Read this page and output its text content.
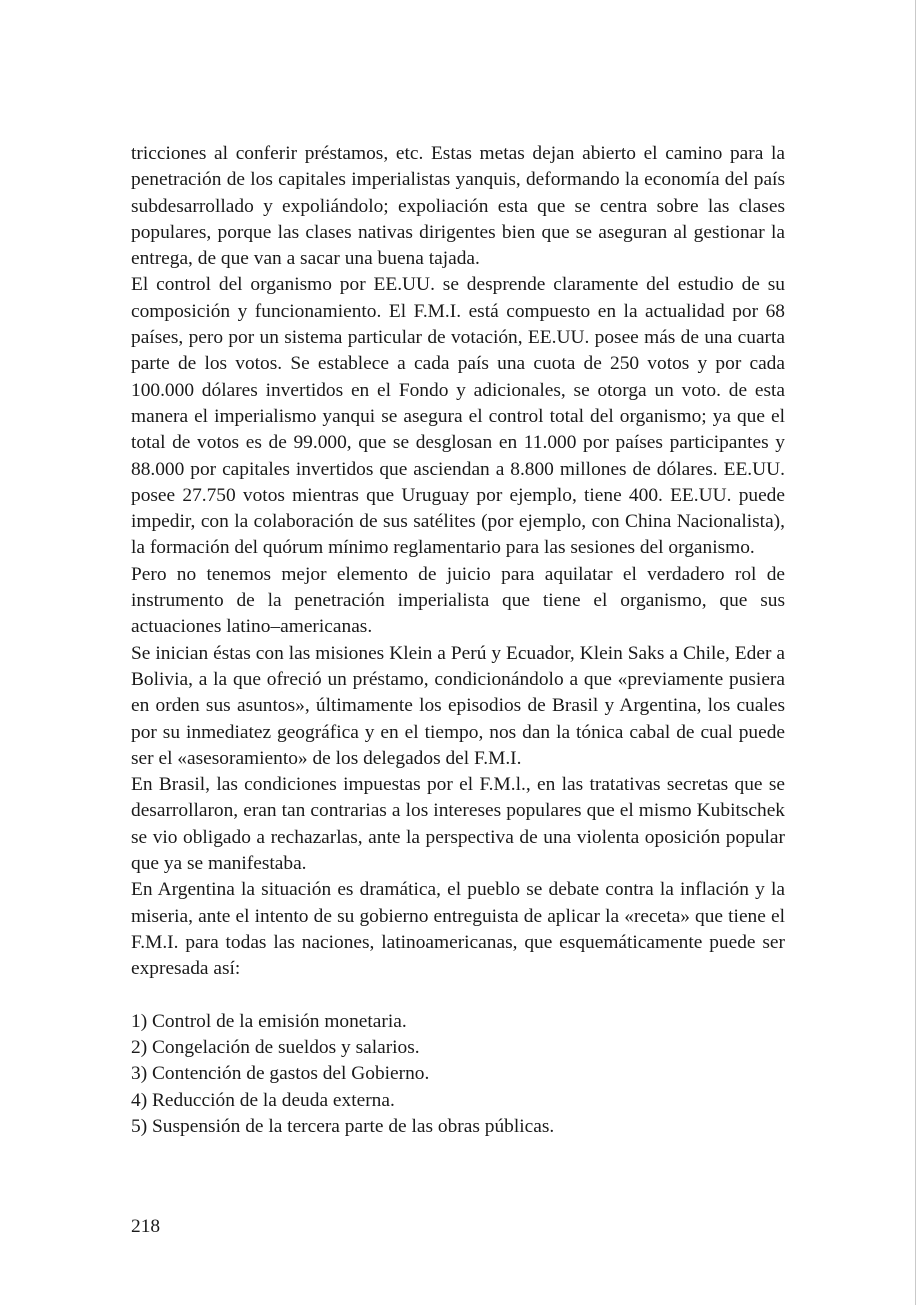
tricciones al conferir préstamos, etc. Estas metas dejan abierto el camino para la penetración de los capitales imperialistas yanquis, deformando la economía del país subdesarrollado y expoliándolo; expoliación esta que se centra sobre las clases populares, porque las clases nativas dirigentes bien que se aseguran al gestionar la entrega, de que van a sacar una buena tajada.

El control del organismo por EE.UU. se desprende claramente del estudio de su composición y funcionamiento. El F.M.I. está compuesto en la actualidad por 68 países, pero por un sistema particular de votación, EE.UU. posee más de una cuarta parte de los votos. Se establece a cada país una cuota de 250 votos y por cada 100.000 dólares invertidos en el Fondo y adicionales, se otorga un voto. de esta manera el imperialismo yanqui se asegura el control total del organismo; ya que el total de votos es de 99.000, que se desglosan en 11.000 por países participantes y 88.000 por capitales invertidos que asciendan a 8.800 millones de dólares. EE.UU. posee 27.750 votos mientras que Uruguay por ejemplo, tiene 400. EE.UU. puede impedir, con la colaboración de sus satélites (por ejemplo, con China Nacionalista), la formación del quórum mínimo reglamentario para las sesiones del organismo.

Pero no tenemos mejor elemento de juicio para aquilatar el verdadero rol de instrumento de la penetración imperialista que tiene el organismo, que sus actuaciones latino–americanas.

Se inician éstas con las misiones Klein a Perú y Ecuador, Klein Saks a Chile, Eder a Bolivia, a la que ofreció un préstamo, condicionándolo a que «previamente pusiera en orden sus asuntos», últimamente los episodios de Brasil y Argentina, los cuales por su inmediatez geográfica y en el tiempo, nos dan la tónica cabal de cual puede ser el «asesoramiento» de los delegados del F.M.I.

En Brasil, las condiciones impuestas por el F.M.l., en las tratativas secretas que se desarrollaron, eran tan contrarias a los intereses populares que el mismo Kubitschek se vio obligado a rechazarlas, ante la perspectiva de una violenta oposición popular que ya se manifestaba.

En Argentina la situación es dramática, el pueblo se debate contra la inflación y la miseria, ante el intento de su gobierno entreguista de aplicar la «receta» que tiene el F.M.I. para todas las naciones, latinoamericanas, que esquemáticamente puede ser expresada así:

1) Control de la emisión monetaria.
2) Congelación de sueldos y salarios.
3) Contención de gastos del Gobierno.
4) Reducción de la deuda externa.
5) Suspensión de la tercera parte de las obras públicas.
218
